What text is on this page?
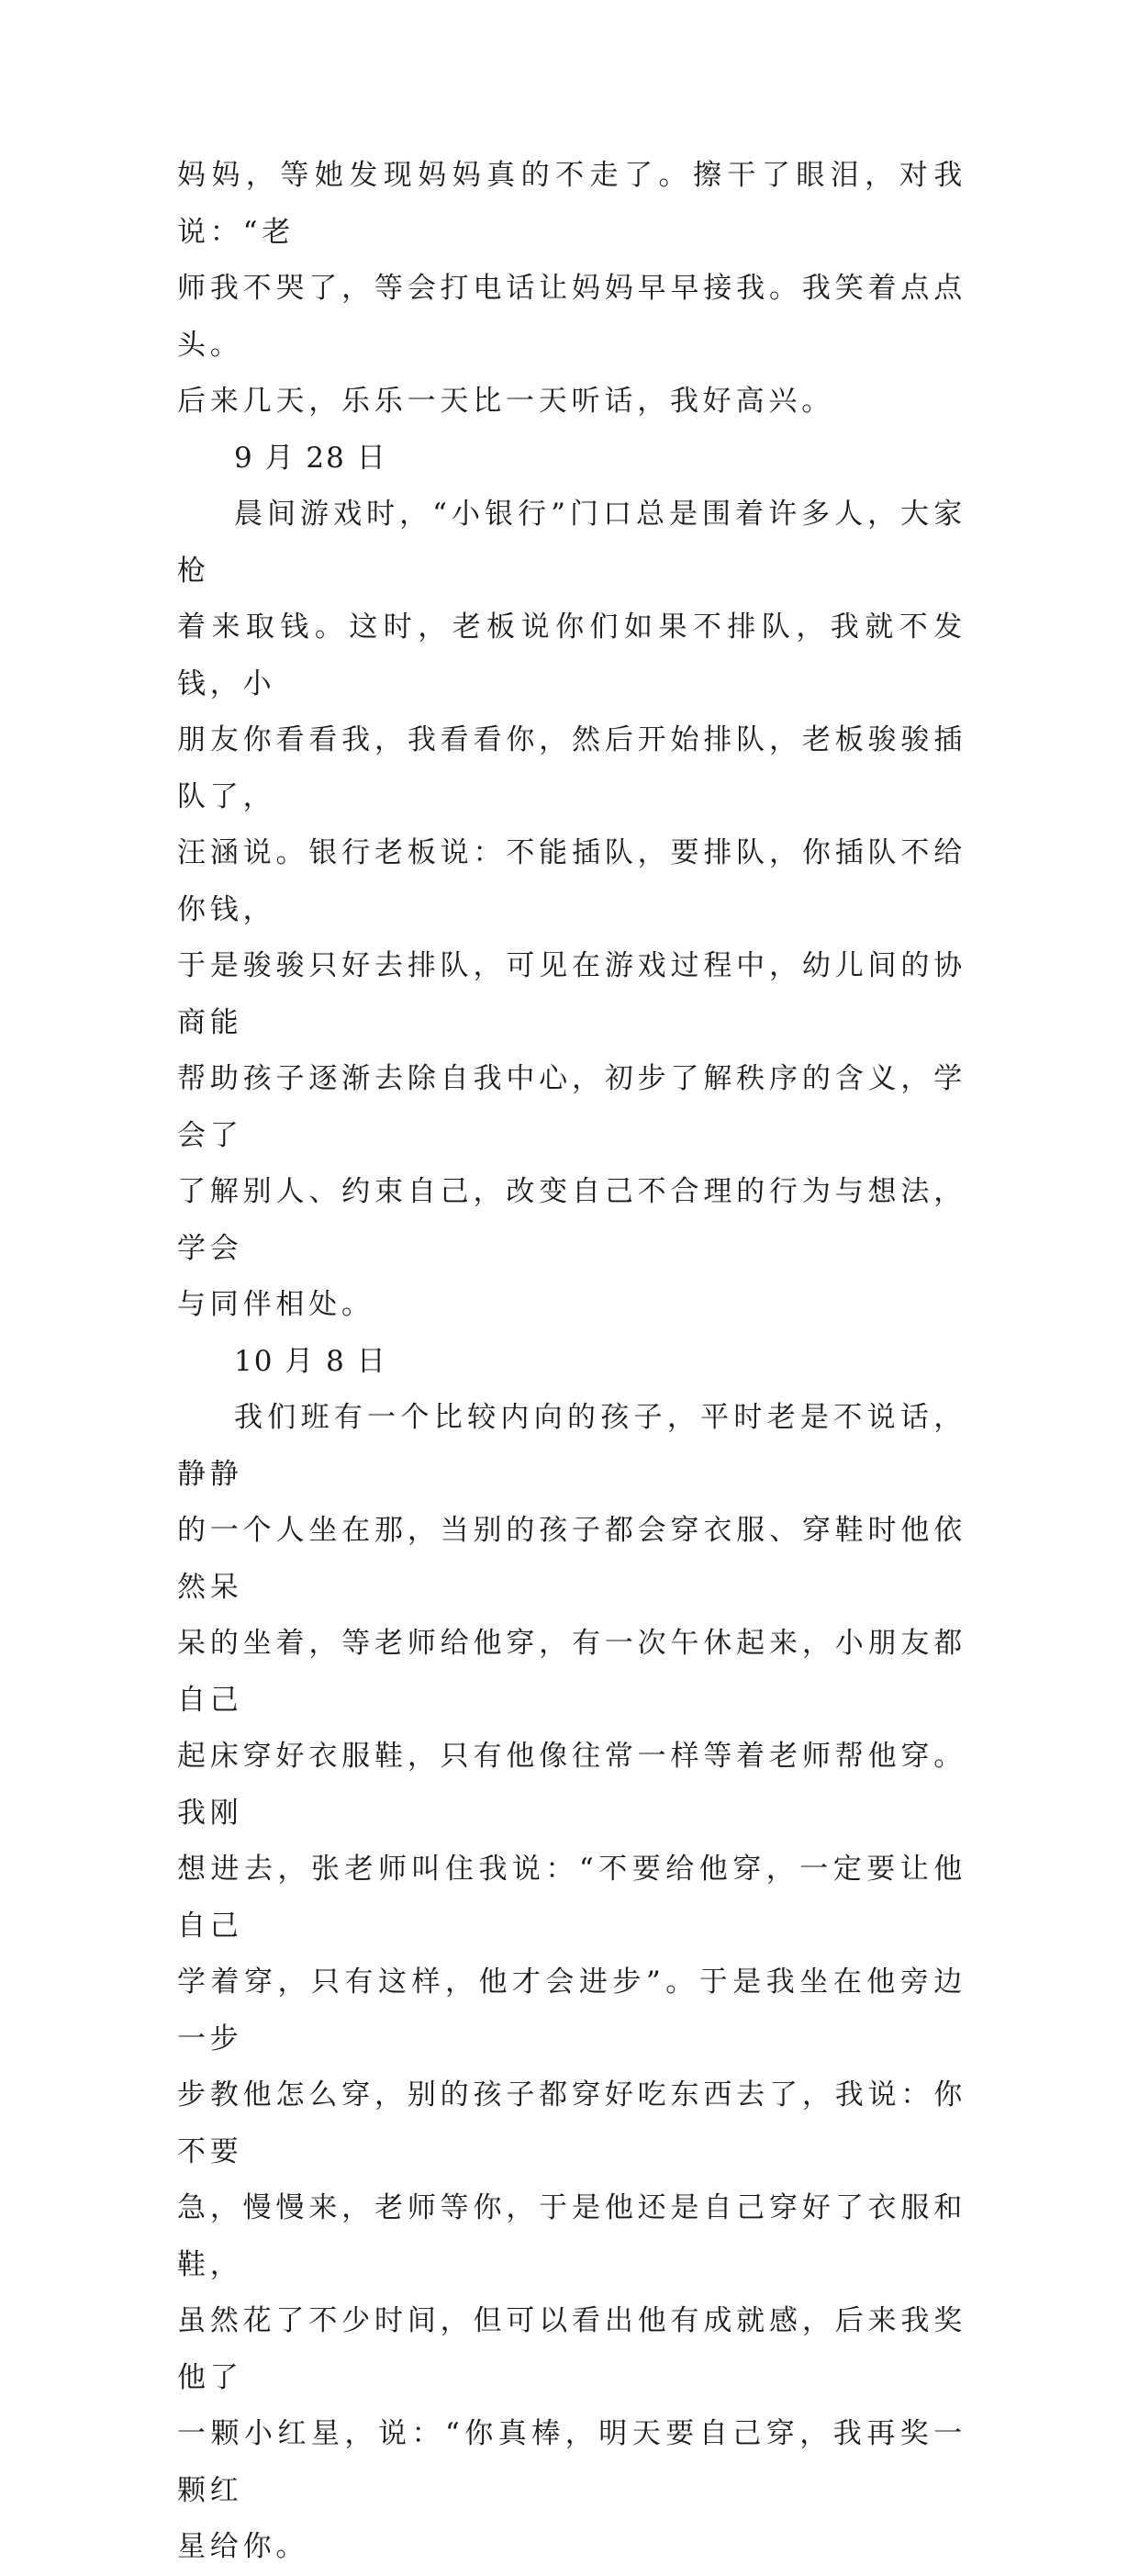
妈妈，等她发现妈妈真的不走了。擦干了眼泪，对我说：“老
师我不哭了，等会打电话让妈妈早早接我。我笑着点点头。
后来几天，乐乐一天比一天听话，我好高兴。

9 月 28 日

晨间游戏时，“小银行”门口总是围着许多人，大家枪
着来取钱。这时，老板说你们如果不排队，我就不发钱，小
朋友你看看我，我看看你，然后开始排队，老板骏骏插队了，
汪涵说。银行老板说：不能插队，要排队，你插队不给你钱，
于是骏骏只好去排队，可见在游戏过程中，幼儿间的协商能
帮助孩子逐渐去除自我中心，初步了解秩序的含义，学会了
了解别人、约束自己，改变自己不合理的行为与想法，学会
与同伴相处。

10 月 8 日

我们班有一个比较内向的孩子，平时老是不说话，静静
的一个人坐在那，当别的孩子都会穿衣服、穿鞋时他依然呆
呆的坐着，等老师给他穿，有一次午休起来，小朋友都自己
起床穿好衣服鞋，只有他像往常一样等着老师帮他穿。我刚
想进去，张老师叫住我说：“不要给他穿，一定要让他自己
学着穿，只有这样，他才会进步”。于是我坐在他旁边一步
步教他怎么穿，别的孩子都穿好吃东西去了，我说：你不要
急，慢慢来，老师等你，于是他还是自己穿好了衣服和鞋，
虽然花了不少时间，但可以看出他有成就感，后来我奖他了
一颗小红星，说：“你真棒，明天要自己穿，我再奖一颗红
星给你。
